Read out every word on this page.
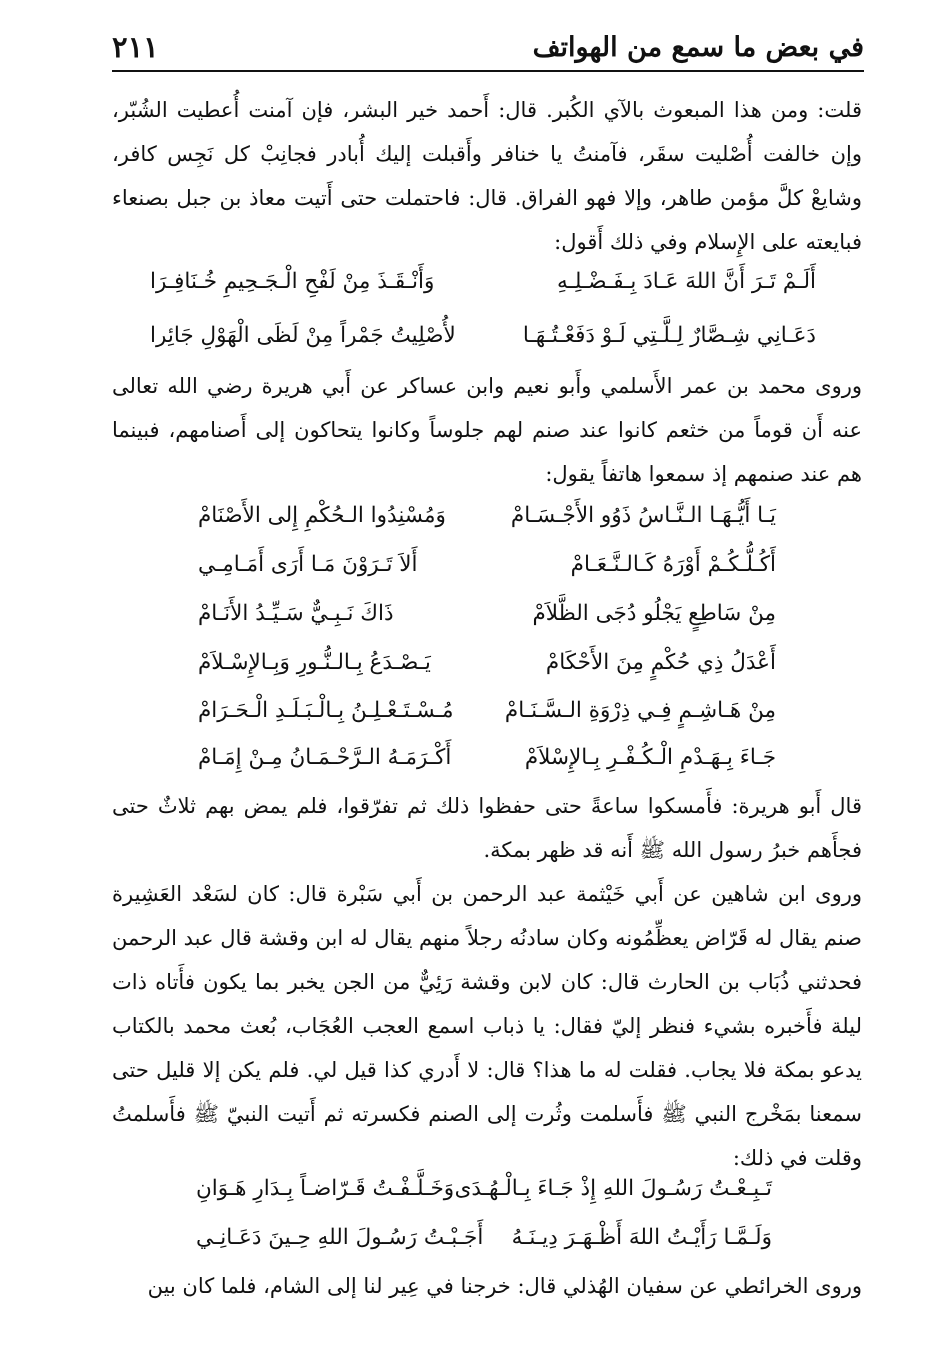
في بعض ما سمع من الهواتف
٢١١

قلت: ومن هذا المبعوث بالآي الكُبر. قال: أَحمد خير البشر، فإن آمنت أُعطيت الشُبّر، وإن خالفت أُصْليت سقَر، فآمنتُ يا خنافر وأَقبلت إليك أُبادر فجانِبْ كل نَجِس كافر، وشايعْ كلَّ مؤمن طاهر، وإلا فهو الفراق. قال: فاحتملت حتى أَتيت معاذ بن جبل بصنعاء فبايعته على الإِسلام وفي ذلك أَقول:

أَلَـمْ تَـرَ أَنَّ اللهَ عَـادَ بِـفَـضْـلِـهِ
وَأَنْـقَـذَ مِنْ لَفْحِ الْـجَـحِيمِ خُـنَافِـرَا
دَعَـانِي شِـصَّارٌ لِـلَّـتِي لَـوْ دَفَعْـتُـهَـا
لأُصْلِيتُ جَمْراً مِنْ لَظَى الْهَوْلِ جَائِرا

وروى محمد بن عمر الأَسلمي وأَبو نعيم وابن عساكر عن أَبي هريرة رضي الله تعالى عنه أَن قوماً من خثعم كانوا عند صنم لهم جلوساً وكانوا يتحاكون إلى أَصنامهم، فبينما هم عند صنمهم إذ سمعوا هاتفاً يقول:

يَـا أَيُّـهَـا الـنَّـاسُ ذَوُو الأَجْـسَـامْ
وَمُسْنِدُوا الـحُكْمِ إِلى الأَصْنَامْ
أَكُـلُّـكُـمْ أَوْرَهُ كَـالـنَّـعَـامْ
أَلاَ تَـرَوْنَ مَـا أَرَى أَمَـامِـي
مِنْ سَاطِعٍ يَجْلُو دُجَى الظَّلاَمْ
ذَاكَ نَـبِـيٌّ سَـيِّـدُ الأَنَـامْ
أَعْدَلُ ذِي حُكْمٍ مِنَ الأَحْكَامْ
يَـصْـدَعُ بِـالـنُّـورِ وَبِـالإِسْـلاَمْ
مِنْ هَـاشِـمٍ فِـي ذِرْوَةِ الـسَّـنَـامْ
مُـسْـتَـعْـلِـنُ بِـالْـبَـلَـدِ الْـحَـرَامْ
جَـاءَ بِـهَـدْمِ الْـكُـفْـرِ بِـالإِسْلاَمْ
أَكْـرَمَـهُ الـرَّحْـمَـانُ مِـنْ إِمَـامْ

قال أَبو هريرة: فأَمسكوا ساعةً حتى حفظوا ذلك ثم تفرّقوا، فلم يمض بهم ثلاثٌ حتى فجأَهم خبرُ رسول الله ﷺ أَنه قد ظهر بمكة.

وروى ابن شاهين عن أَبي خَيْثمة عبد الرحمن بن أَبي سَبْرة قال: كان لسَعْد العَشِيرة صنم يقال له قَرّاض يعظِّمُونه وكان سادنُه رجلاً منهم يقال له ابن وقشة قال عبد الرحمن فحدثني ذُبَاب بن الحارث قال: كان لابن وقشة رَئِيٌّ من الجن يخبر بما يكون فأَتاه ذات ليلة فأَخبره بشيء فنظر إليّ فقال: يا ذباب اسمع العجب العُجَاب، بُعث محمد بالكتاب يدعو بمكة فلا يجاب. فقلت له ما هذا؟ قال: لا أَدري كذا قيل لي. فلم يكن إلا قليل حتى سمعنا بمَخْرج النبي ﷺ فأَسلمت وثُرت إلى الصنم فكسرته ثم أَتيت النبيّ ﷺ فأَسلمتُ وقلت في ذلك:

تَـبِـعْـتُ رَسُـولَ اللهِ إِذْ جَـاءَ بِـالْـهُـدَى
وَخَـلَّـفْـتُ قَـرّاضـاً بِـدَارِ هَـوَانِ
وَلَـمَّـا رَأَيْـتُ اللهَ أَظْـهَـرَ دِيـنَـهُ
أَجَـبْـتُ رَسُـولَ اللهِ حِـينَ دَعَـانِـي

وروى الخرائطي عن سفيان الهُذلي قال: خرجنا في عِير لنا إلى الشام، فلما كان بين
